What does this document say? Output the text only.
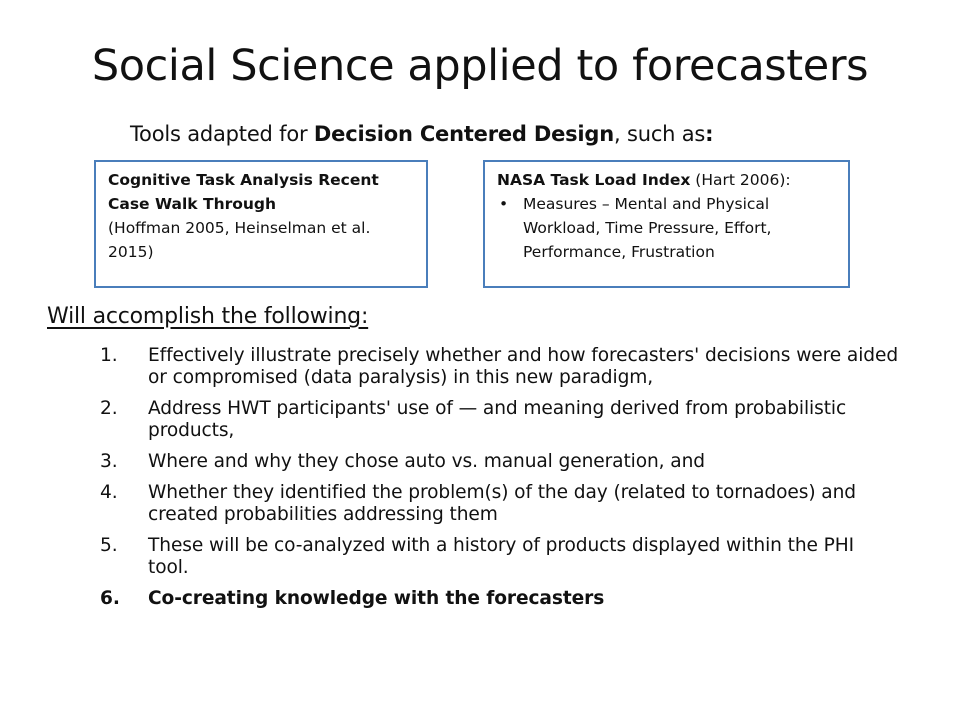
Social Science applied to forecasters
Tools adapted for Decision Centered Design, such as:
Cognitive Task Analysis Recent
Case Walk Through
(Hoffman 2005, Heinselman et al. 2015)
NASA Task Load Index (Hart 2006):
• Measures – Mental and Physical Workload, Time Pressure, Effort, Performance, Frustration
Will accomplish the following:
1. Effectively illustrate precisely whether and how forecasters' decisions were aided or compromised (data paralysis) in this new paradigm,
2. Address HWT participants' use of — and meaning derived from probabilistic products,
3. Where and why they chose auto vs. manual generation, and
4. Whether they identified the problem(s) of the day (related to tornadoes) and created probabilities addressing them
5. These will be co-analyzed with a history of products displayed within the PHI tool.
6. Co-creating knowledge with the forecasters
